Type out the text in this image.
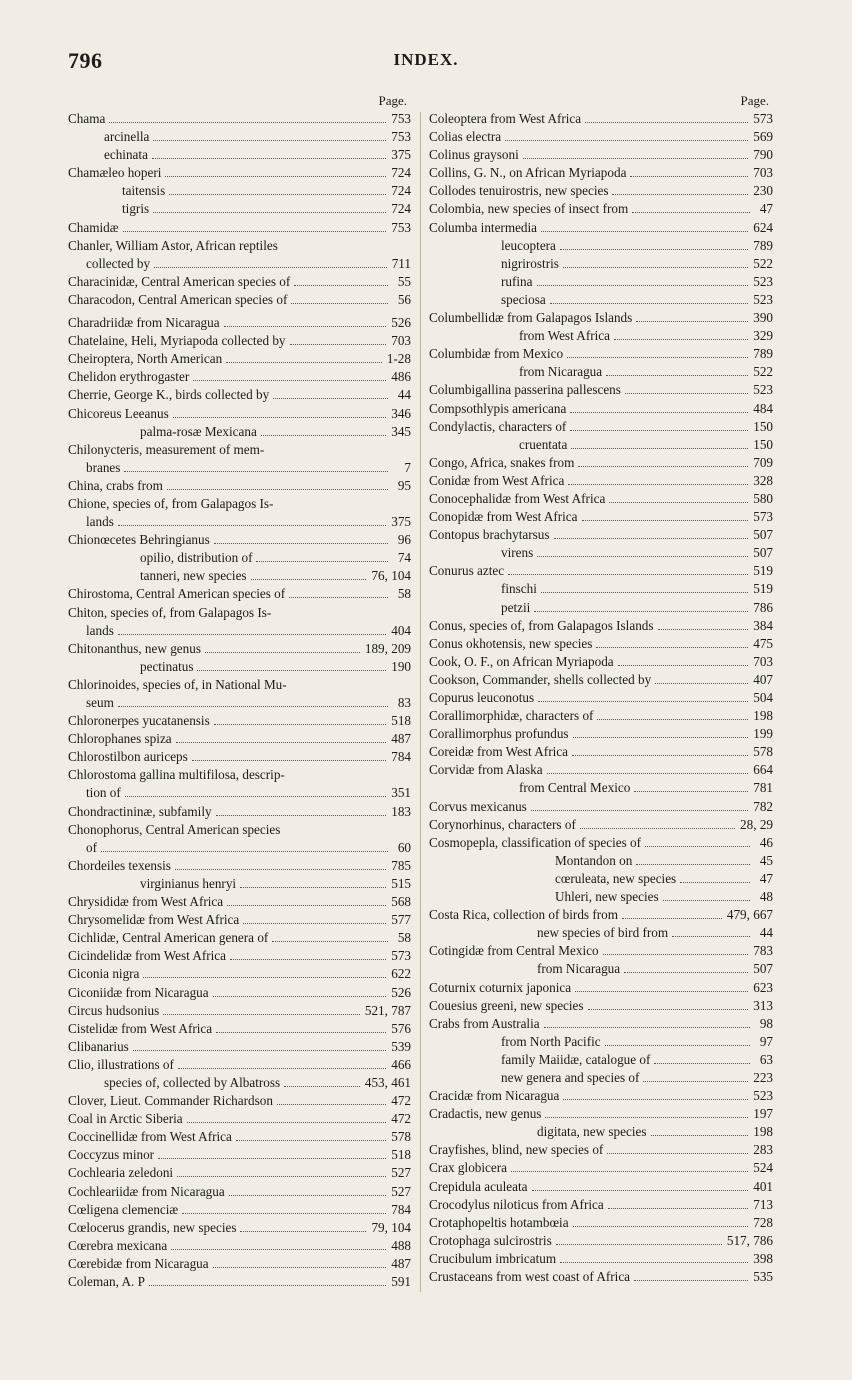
796	INDEX.
Page.
Chama	753
arcinella	753
echinata	375
Chamæleo hoperi	724
taitensis	724
tigris	724
Chamidæ	753
Chanler, William Astor, African reptiles
collected by	711
Characinidæ, Central American species of	55
Characodon, Central American species of	56
Charadriidæ from Nicaragua	526
Chatelaine, Heli, Myriapoda collected by	703
Cheiroptera, North American	1-28
Chelidon erythrogaster	486
Cherrie, George K., birds collected by	44
Chicoreus Leeanus	346
palma-rosæ Mexicana	345
Chilonycteris, measurement of mem-
branes	7
China, crabs from	95
Chione, species of, from Galapagos Is-
lands	375
Chionœcetes Behringianus	96
opilio, distribution of	74
tanneri, new species	76, 104
Chirostoma, Central American species of	58
Chiton, species of, from Galapagos Is-
lands	404
Chitonanthus, new genus	189, 209
pectinatus	190
Chlorinoides, species of, in National Mu-
seum	83
Chloronerpes yucatanensis	518
Chlorophanes spiza	487
Chlorostilbon auriceps	784
Chlorostoma gallina multifilosa, descrip-
tion of	351
Chondractininæ, subfamily	183
Chonophorus, Central American species
of	60
Chordeiles texensis	785
virginianus henryi	515
Chrysididæ from West Africa	568
Chrysomelidæ from West Africa	577
Cichlidæ, Central American genera of	58
Cicindelidæ from West Africa	573
Ciconia nigra	622
Ciconiidæ from Nicaragua	526
Circus hudsonius	521, 787
Cistelidæ from West Africa	576
Clibanarius	539
Clio, illustrations of	466
species of, collected by Albatross	453, 461
Clover, Lieut. Commander Richardson	472
Coal in Arctic Siberia	472
Coccinellidæ from West Africa	578
Coccyzus minor	518
Cochlearia zeledoni	527
Cochleariidæ from Nicaragua	527
Cœligena clemenciæ	784
Cœlocerus grandis, new species	79, 104
Cœrebra mexicana	488
Cœrebidæ from Nicaragua	487
Coleman, A. P	591
Page.
Coleoptera from West Africa	573
Colias electra	569
Colinus graysoni	790
Collins, G. N., on African Myriapoda	703
Collodes tenuirostris, new species	230
Colombia, new species of insect from	47
Columba intermedia	624
leucoptera	789
nigrirostris	522
rufina	523
speciosa	523
Columbellidæ from Galapagos Islands	390
from West Africa	329
Columbidæ from Mexico	789
from Nicaragua	522
Columbigallina passerina pallescens	523
Compsothlypis americana	484
Condylactis, characters of	150
cruentata	150
Congo, Africa, snakes from	709
Conidæ from West Africa	328
Conocephalidæ from West Africa	580
Conopidæ from West Africa	573
Contopus brachytarsus	507
virens	507
Conurus aztec	519
finschi	519
petzii	786
Conus, species of, from Galapagos Islands	384
Conus okhotensis, new species	475
Cook, O. F., on African Myriapoda	703
Cookson, Commander, shells collected by	407
Copurus leuconotus	504
Corallimorphidæ, characters of	198
Corallimorphus profundus	199
Coreidæ from West Africa	578
Corvidæ from Alaska	664
from Central Mexico	781
Corvus mexicanus	782
Corynorhinus, characters of	28, 29
Cosmopepla, classification of species of	46
Montandon on	45
cœruleata, new species	47
Uhleri, new species	48
Costa Rica, collection of birds from	479, 667
new species of bird from	44
Cotingidæ from Central Mexico	783
from Nicaragua	507
Coturnix coturnix japonica	623
Couesius greeni, new species	313
Crabs from Australia	98
from North Pacific	97
family Maiidæ, catalogue of	63
new genera and species of	223
Cracidæ from Nicaragua	523
Cradactis, new genus	197
digitata, new species	198
Crayfishes, blind, new species of	283
Crax globicera	524
Crepidula aculeata	401
Crocodylus niloticus from Africa	713
Crotaphopeltis hotambœia	728
Crotophaga sulcirostris	517, 786
Crucibulum imbricatum	398
Crustaceans from west coast of Africa	535
